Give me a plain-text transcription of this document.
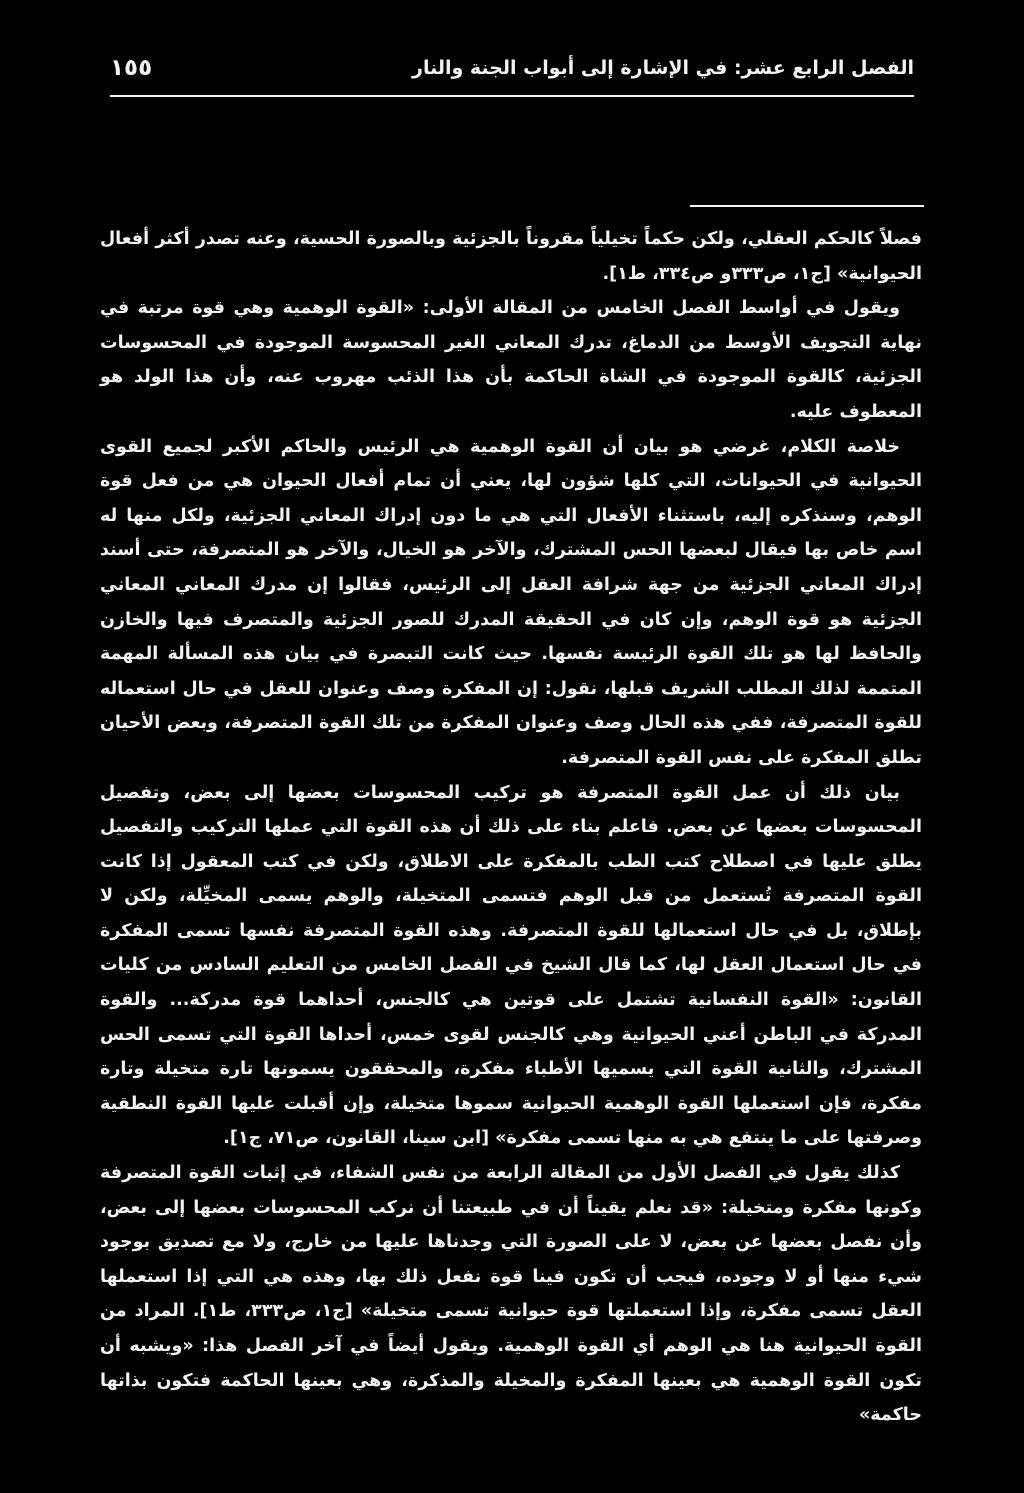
الفصل الرابع عشر: في الإشارة إلى أبواب الجنة والنار
١٥٥

فصلاً كالحكم العقلي، ولكن حكماً تخيلياً مقروناً بالجزئية وبالصورة الحسية، وعنه تصدر أكثر أفعال الحيوانية» [ج١، ص٣٣٣و ص٣٣٤، ط١].

ويقول في أواسط الفصل الخامس من المقالة الأولى: «القوة الوهمية وهي قوة مرتبة في نهاية التجويف الأوسط من الدماغ، تدرك المعاني الغير المحسوسة الموجودة في المحسوسات الجزئية، كالقوة الموجودة في الشاة الحاكمة بأن هذا الذئب مهروب عنه، وأن هذا الولد هو المعطوف عليه.

خلاصة الكلام، غرضي هو بيان أن القوة الوهمية هي الرئيس والحاكم الأكبر لجميع القوى الحيوانية في الحيوانات، التي كلها شؤون لها، يعني أن تمام أفعال الحيوان هي من فعل قوة الوهم، وسنذكره إليه، باستثناء الأفعال التي هي ما دون إدراك المعاني الجزئية، ولكل منها له اسم خاص بها فيقال لبعضها الحس المشترك، والآخر هو الخيال، والآخر هو المتصرفة، حتى أسند إدراك المعاني الجزئية من جهة شرافة العقل إلى الرئيس، فقالوا إن مدرك المعاني المعاني الجزئية هو قوة الوهم، وإن كان في الحقيقة المدرك للصور الجزئية والمتصرف فيها والخازن والحافظ لها هو تلك القوة الرئيسة نفسها. حيث كانت التبصرة في بيان هذه المسألة المهمة المتممة لذلك المطلب الشريف قبلها، نقول: إن المفكرة وصف وعنوان للعقل في حال استعماله للقوة المتصرفة، ففي هذه الحال وصف وعنوان المفكرة من تلك القوة المتصرفة، وبعض الأحيان تطلق المفكرة على نفس القوة المتصرفة.

بيان ذلك أن عمل القوة المتصرفة هو تركيب المحسوسات بعضها إلى بعض، وتفصيل المحسوسات بعضها عن بعض. فاعلم بناء على ذلك أن هذه القوة التي عملها التركيب والتفصيل يطلق عليها في اصطلاح كتب الطب بالمفكرة على الاطلاق، ولكن في كتب المعقول إذا كانت القوة المتصرفة تُستعمل من قبل الوهم فتسمى المتخيلة، والوهم يسمى المخيِّلة، ولكن لا بإطلاق، بل في حال استعمالها للقوة المتصرفة. وهذه القوة المتصرفة نفسها تسمى المفكرة في حال استعمال العقل لها، كما قال الشيخ في الفصل الخامس من التعليم السادس من كليات القانون: «القوة النفسانية تشتمل على قوتين هي كالجنس، أحداهما قوة مدركة... والقوة المدركة في الباطن أعني الحيوانية وهي كالجنس لقوى خمس، أحداها القوة التي تسمى الحس المشترك، والثانية القوة التي يسميها الأطباء مفكرة، والمحققون يسمونها تارة متخيلة وتارة مفكرة، فإن استعملها القوة الوهمية الحيوانية سموها متخيلة، وإن أقبلت عليها القوة النطقية وصرفتها على ما ينتفع هي به منها تسمى مفكرة» [ابن سينا، القانون، ص٧١، ج١].

كذلك يقول في الفصل الأول من المقالة الرابعة من نفس الشفاء، في إثبات القوة المتصرفة وكونها مفكرة ومتخيلة: «قد نعلم يقيناً أن في طبيعتنا أن نركب المحسوسات بعضها إلى بعض، وأن نفصل بعضها عن بعض، لا على الصورة التي وجدناها عليها من خارج، ولا مع تصديق بوجود شيء منها أو لا وجوده، فيجب أن تكون فينا قوة نفعل ذلك بها، وهذه هي التي إذا استعملها العقل تسمى مفكرة، وإذا استعملتها قوة حيوانية تسمى متخيلة» [ج١، ص٣٣٣، ط١]. المراد من القوة الحيوانية هنا هي الوهم أي القوة الوهمية. ويقول أيضاً في آخر الفصل هذا: «ويشبه أن تكون القوة الوهمية هي بعينها المفكرة والمخيلة والمذكرة، وهي بعينها الحاكمة فتكون بذاتها حاكمة»
